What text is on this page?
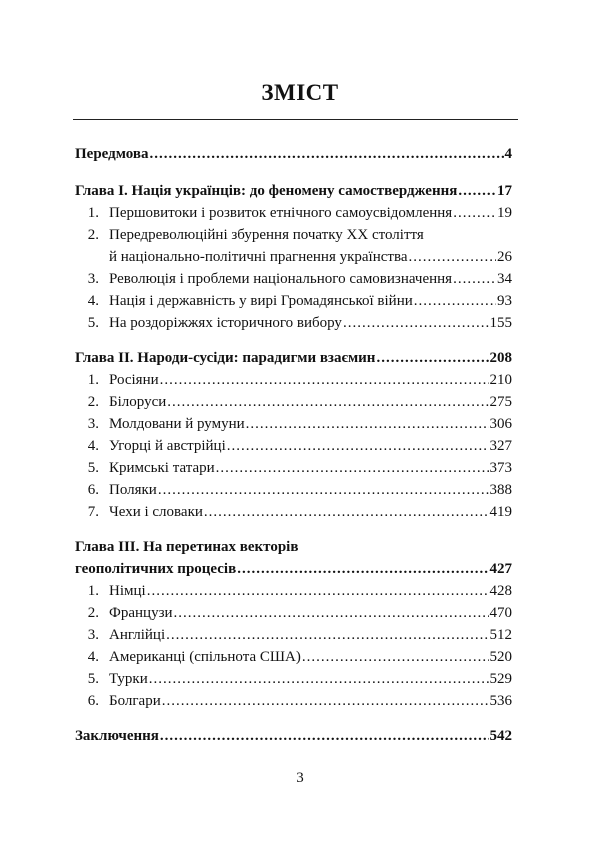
ЗМІСТ
Передмова .....	4
Глава І. Нація українців: до феномену самоствердження .....	17
1. Першовитоки і розвиток етнічного самоусвідомлення .....	19
2. Передреволюційні збурення початку ХХ століття
й національно-політичні прагнення українства .....	26
3. Революція і проблеми національного самовизначення .....	34
4. Нація і державність у вирі Громадянської війни .....	93
5. На роздоріжжях історичного вибору .....	155
Глава ІІ. Народи-сусіди: парадигми взаємин .....	208
1. Росіяни .....	210
2. Білоруси .....	275
3. Молдовани й румуни .....	306
4. Угорці й австрійці .....	327
5. Кримські татари .....	373
6. Поляки .....	388
7. Чехи і словаки .....	419
Глава ІІІ. На перетинах векторів
геополітичних процесів .....	427
1. Німці .....	428
2. Французи .....	470
3. Англійці .....	512
4. Американці (спільнота США) .....	520
5. Турки .....	529
6. Болгари .....	536
Заключення .....	542
3
